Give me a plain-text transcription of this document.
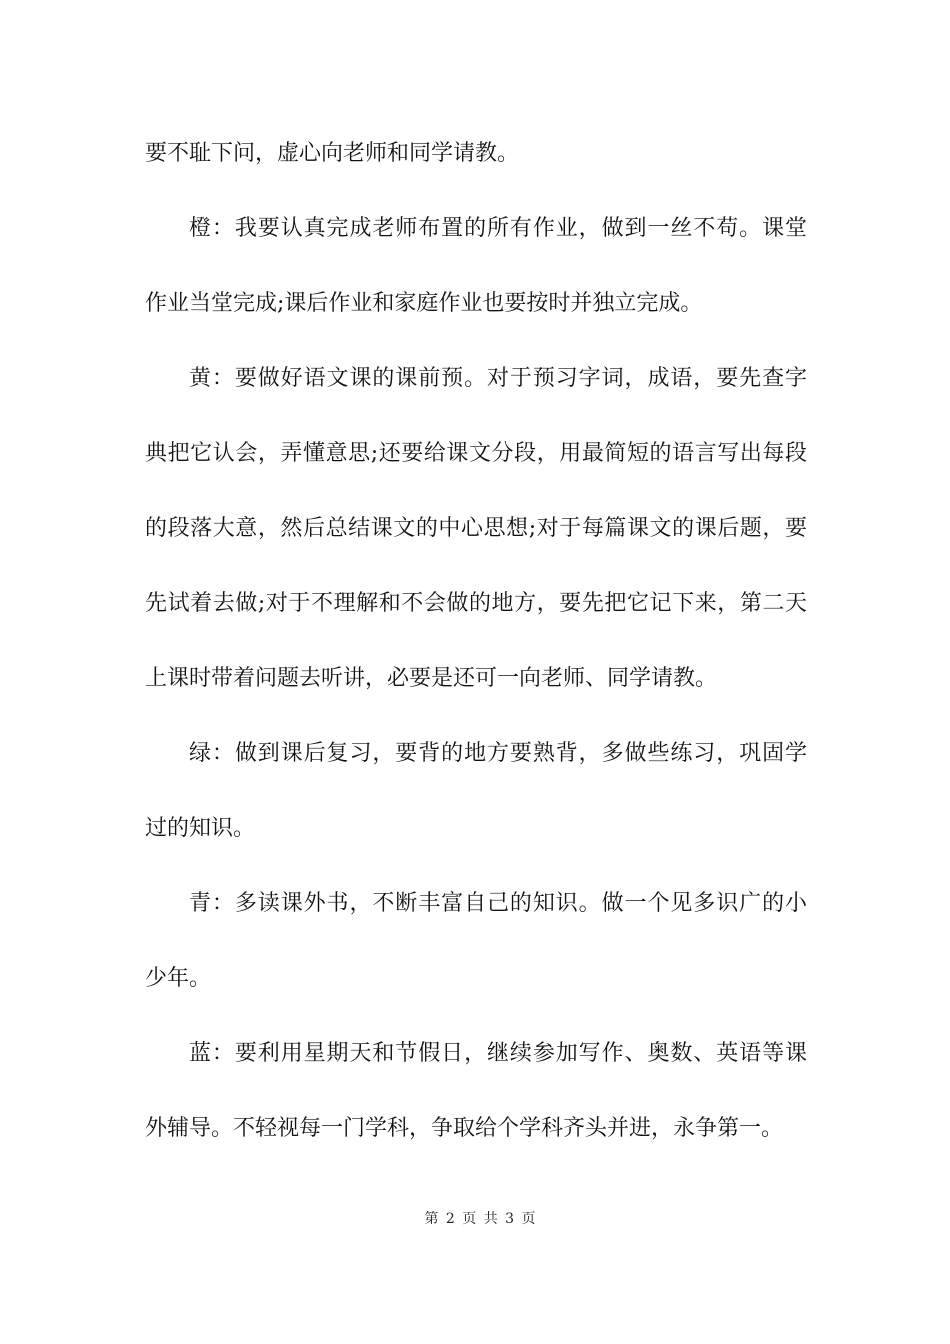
要不耻下问，虚心向老师和同学请教。
橙：我要认真完成老师布置的所有作业，做到一丝不苟。课堂
作业当堂完成;课后作业和家庭作业也要按时并独立完成。
黄：要做好语文课的课前预。对于预习字词，成语，要先查字
典把它认会，弄懂意思;还要给课文分段，用最简短的语言写出每段
的段落大意，然后总结课文的中心思想;对于每篇课文的课后题，要
先试着去做;对于不理解和不会做的地方，要先把它记下来，第二天
上课时带着问题去听讲，必要是还可一向老师、同学请教。
绿：做到课后复习，要背的地方要熟背，多做些练习，巩固学
过的知识。
青：多读课外书，不断丰富自己的知识。做一个见多识广的小
少年。
蓝：要利用星期天和节假日，继续参加写作、奥数、英语等课
外辅导。不轻视每一门学科，争取给个学科齐头并进，永争第一。
第 2 页 共 3 页
